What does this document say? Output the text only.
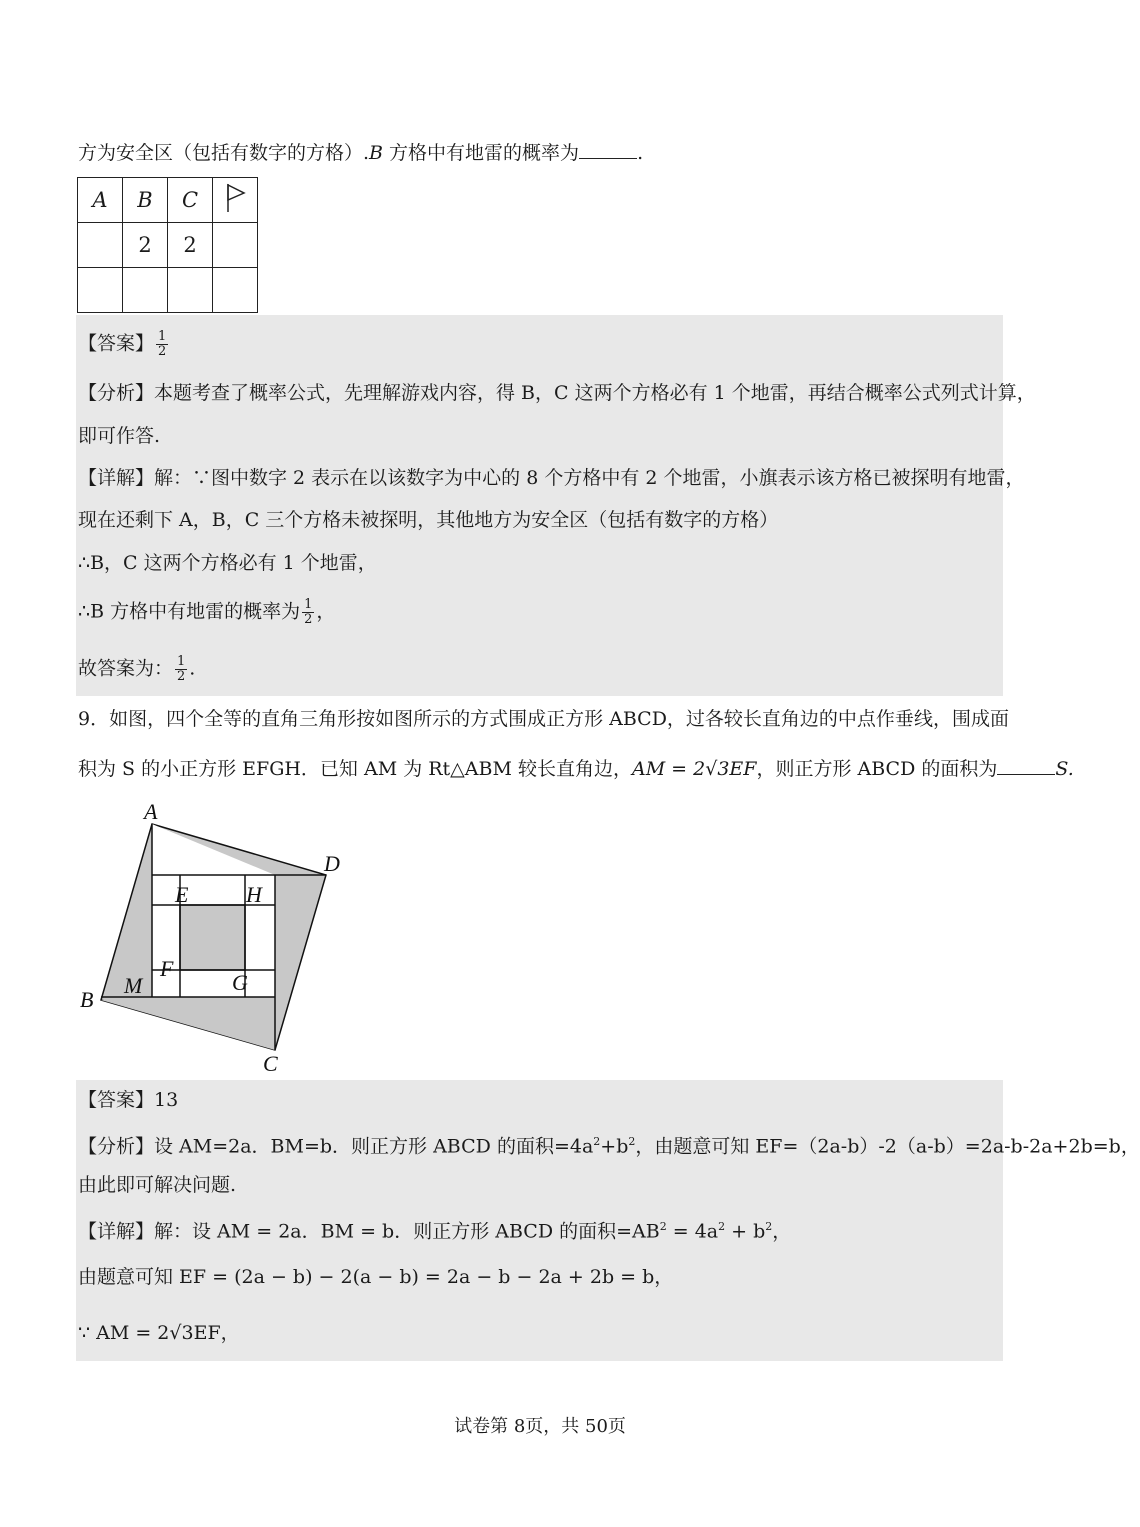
方为安全区（包括有数字的方格）.B 方格中有地雷的概率为	.
A	B	C	
	2	2	

【答案】 $\frac{1}{2}$
【分析】本题考查了概率公式，先理解游戏内容，得 B，C 这两个方格必有 1 个地雷，再结合概率公式列式计算，
即可作答.
【详解】解：∵图中数字 2 表示在以该数字为中心的 8 个方格中有 2 个地雷，小旗表示该方格已被探明有地雷，
现在还剩下 A，B，C 三个方格未被探明，其他地方为安全区（包括有数字的方格）
∴B，C 这两个方格必有 1 个地雷，
∴B 方格中有地雷的概率为 $\frac{1}{2}$ ，
故答案为： $\frac{1}{2}$ .
9．如图，四个全等的直角三角形按如图所示的方式围成正方形 ABCD，过各较长直角边的中点作垂线，围成面
积为 S 的小正方形 EFGH．已知 AM 为 Rt△ABM 较长直角边，AM = 2√3EF，则正方形 ABCD 的面积为	S.
A
B
C
D
E
F
G
H
M
【答案】13
【分析】设 AM=2a．BM=b．则正方形 ABCD 的面积$=4a^2+b^2$，由题意可知 EF=（2a-b）-2（a-b）=2a-b-2a+2b=b，
由此即可解决问题.
【详解】解：设 AM = 2a．BM = b．则正方形 ABCD 的面积$=AB^2 = 4a^2 + b^2$，
由题意可知 EF = (2a − b) − 2(a − b) = 2a − b − 2a + 2b = b，
∵ AM = 2√3EF，
试卷第 8页，共 50页
